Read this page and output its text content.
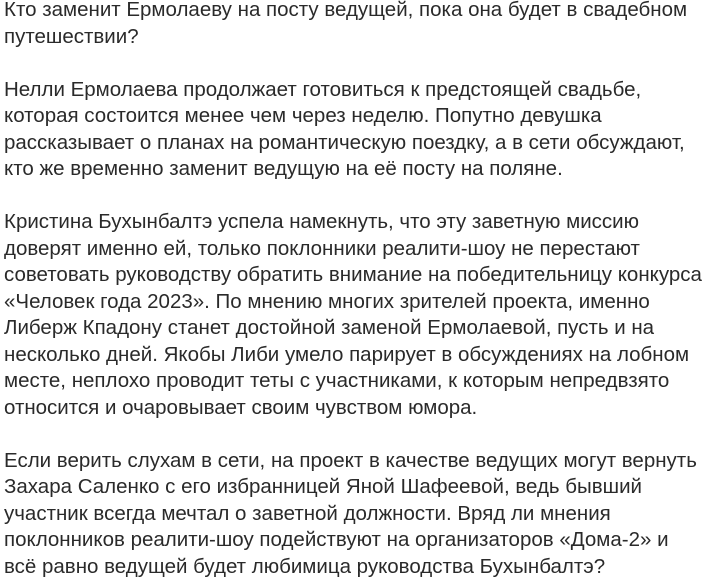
Кто заменит Ермолаеву на посту ведущей, пока она будет в свадебном путешествии?

Нелли Ермолаева продолжает готовиться к предстоящей свадьбе, которая состоится менее чем через неделю. Попутно девушка рассказывает о планах на романтическую поездку, а в сети обсуждают, кто же временно заменит ведущую на её посту на поляне.

Кристина Бухынбалтэ успела намекнуть, что эту заветную миссию доверят именно ей, только поклонники реалити-шоу не перестают советовать руководству обратить внимание на победительницу конкурса «Человек года 2023». По мнению многих зрителей проекта, именно Либерж Кпадону станет достойной заменой Ермолаевой, пусть и на несколько дней. Якобы Либи умело парирует в обсуждениях на лобном месте, неплохо проводит теты с участниками, к которым непредвзято относится и очаровывает своим чувством юмора.

Если верить слухам в сети, на проект в качестве ведущих могут вернуть Захара Саленко с его избранницей Яной Шафеевой, ведь бывший участник всегда мечтал о заветной должности. Вряд ли мнения поклонников реалити-шоу подействуют на организаторов «Дома-2» и всё равно ведущей будет любимица руководства Бухынбалтэ?
